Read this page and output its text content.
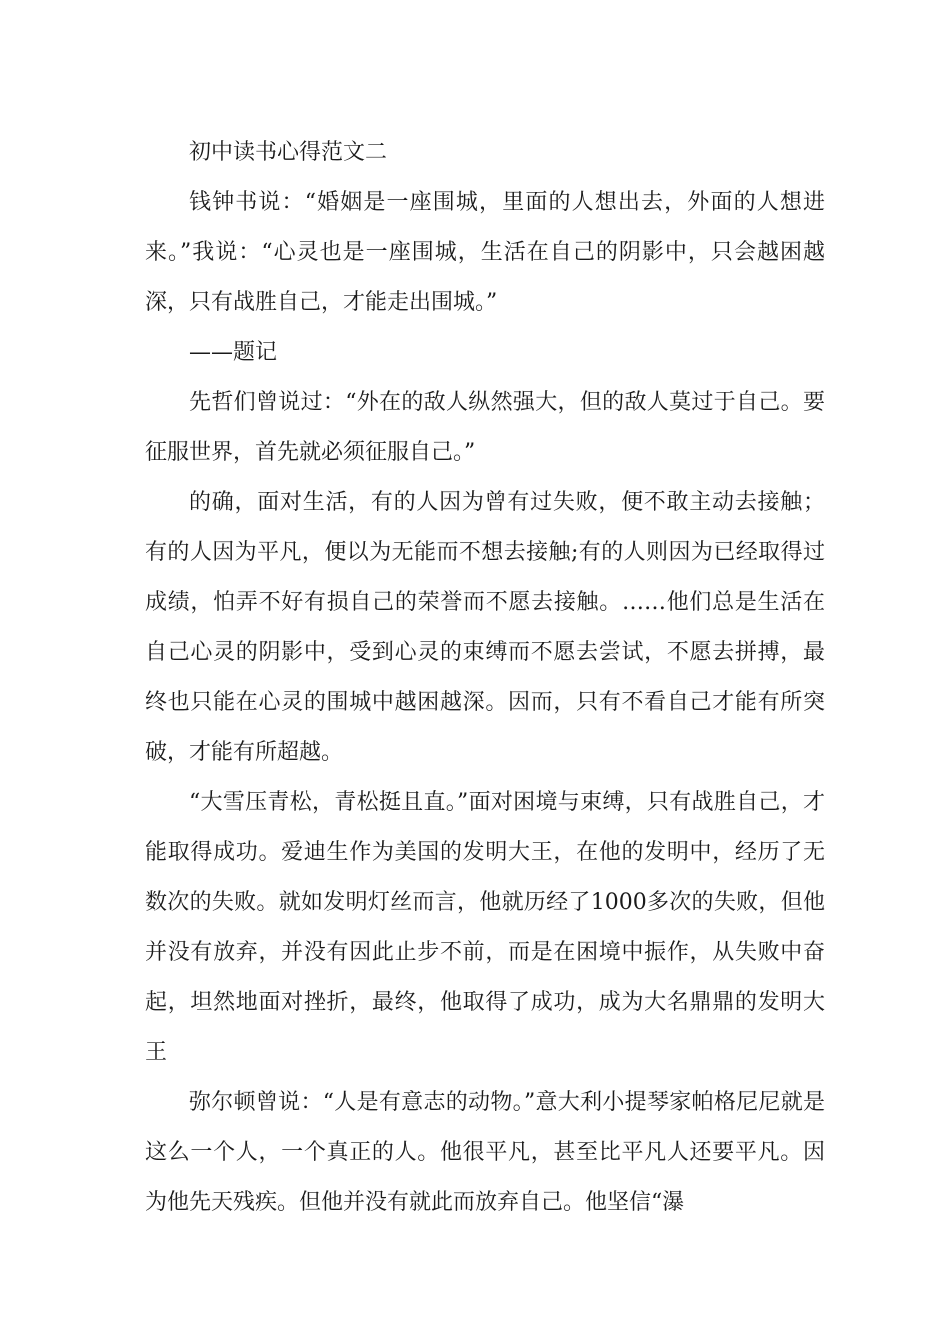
初中读书心得范文二

钱钟书说：“婚姻是一座围城，里面的人想出去，外面的人想进来。”我说：“心灵也是一座围城，生活在自己的阴影中，只会越困越深，只有战胜自己，才能走出围城。”

——题记

先哲们曾说过：“外在的敌人纵然强大，但的敌人莫过于自己。要征服世界，首先就必须征服自己。”

的确，面对生活，有的人因为曾有过失败，便不敢主动去接触；有的人因为平凡，便以为无能而不想去接触;有的人则因为已经取得过成绩，怕弄不好有损自己的荣誉而不愿去接触。……他们总是生活在自己心灵的阴影中，受到心灵的束缚而不愿去尝试，不愿去拼搏，最终也只能在心灵的围城中越困越深。因而，只有不看自己才能有所突破，才能有所超越。

“大雪压青松，青松挺且直。”面对困境与束缚，只有战胜自己，才能取得成功。爱迪生作为美国的发明大王，在他的发明中，经历了无数次的失败。就如发明灯丝而言，他就历经了1000多次的失败，但他并没有放弃，并没有因此止步不前，而是在困境中振作，从失败中奋起，坦然地面对挫折，最终，他取得了成功，成为大名鼎鼎的发明大王

弥尔顿曾说：“人是有意志的动物。”意大利小提琴家帕格尼尼就是这么一个人，一个真正的人。他很平凡，甚至比平凡人还要平凡。因为他先天残疾。但他并没有就此而放弃自己。他坚信“瀑
